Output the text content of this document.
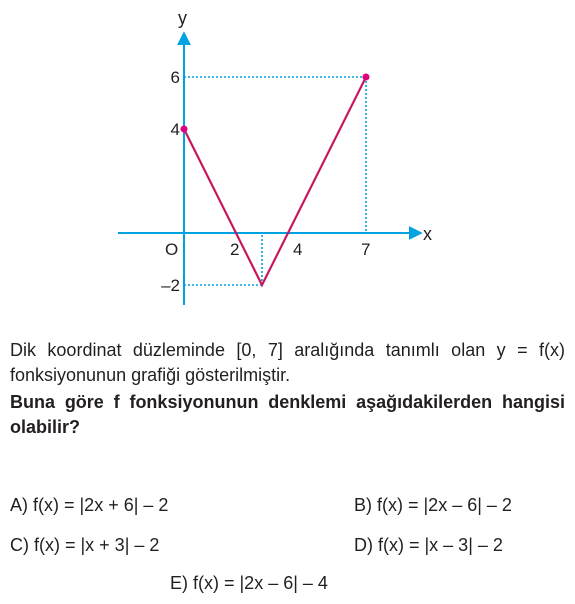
x
y
O	2	4	7
6
4
–2
Dik koordinat düzleminde [0, 7] aralığında tanımlı olan y = f(x) fonksiyonunun grafiği gösterilmiştir.
Buna göre f fonksiyonunun denklemi aşağıdakilerden hangisi olabilir?
A) f(x) = |2x + 6| – 2	B) f(x) = |2x – 6| – 2
C) f(x) = |x + 3| – 2	D) f(x) = |x – 3| – 2
E) f(x) = |2x – 6| – 4
